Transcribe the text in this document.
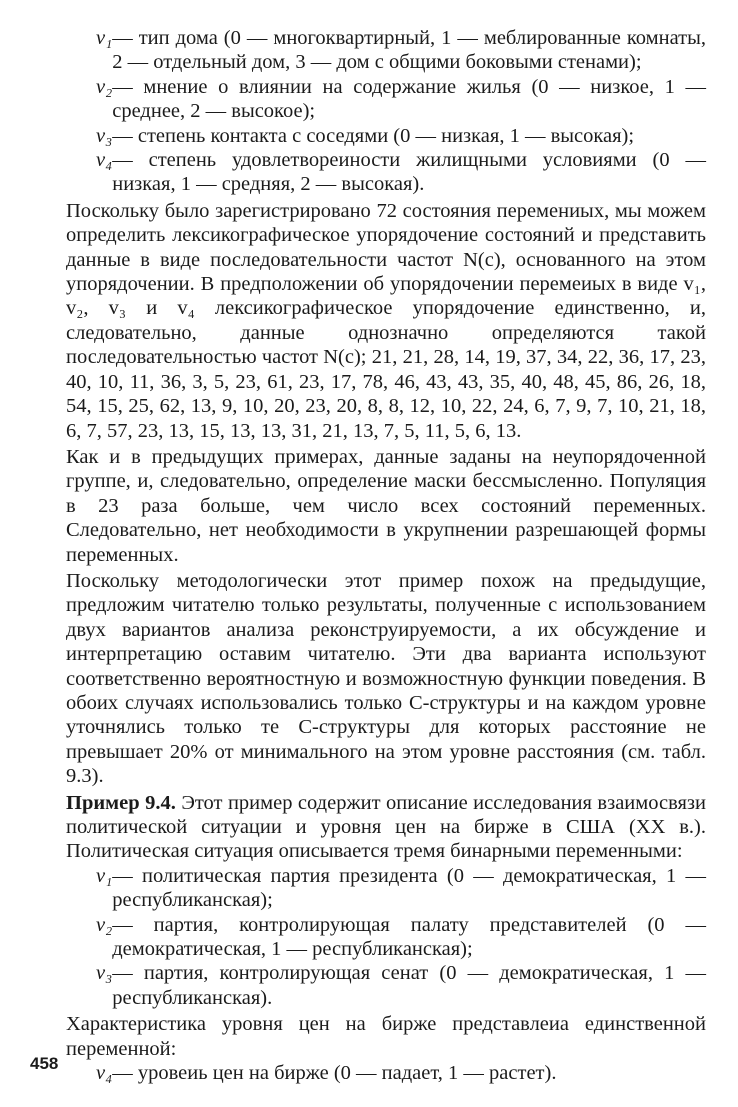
v₁ — тип дома (0 — многоквартирный, 1 — меблированные комнаты, 2 — отдельный дом, 3 — дом с общими боковыми стенами);
v₂ — мнение о влиянии на содержание жилья (0 — низкое, 1 — среднее, 2 — высокое);
v₃ — степень контакта с соседями (0 — низкая, 1 — высокая);
v₄ — степень удовлетвореиности жилищными условиями (0 — низкая, 1 — средняя, 2 — высокая).

Поскольку было зарегистрировано 72 состояния перемениых, мы можем определить лексикографическое упорядочение состояний и представить данные в виде последовательности частот N(c), основанного на этом упорядочении. В предположении об упорядочении перемеиых в виде v₁, v₂, v₃ и v₄ лексикографическое упорядочение единственно, и, следовательно, данные однозначно определяются такой последовательностью частот N(c); 21, 21, 28, 14, 19, 37, 34, 22, 36, 17, 23, 40, 10, 11, 36, 3, 5, 23, 61, 23, 17, 78, 46, 43, 43, 35, 40, 48, 45, 86, 26, 18, 54, 15, 25, 62, 13, 9, 10, 20, 23, 20, 8, 8, 12, 10, 22, 24, 6, 7, 9, 7, 10, 21, 18, 6, 7, 57, 23, 13, 15, 13, 13, 31, 21, 13, 7, 5, 11, 5, 6, 13.

Как и в предыдущих примерах, данные заданы на неупорядоченной группе, и, следовательно, определение маски бессмысленно. Популяция в 23 раза больше, чем число всех состояний переменных. Следовательно, нет необходимости в укрупнении разрешающей формы переменных.

Поскольку методологически этот пример похож на предыдущие, предложим читателю только результаты, полученные с использованием двух вариантов анализа реконструируемости, а их обсуждение и интерпретацию оставим читателю. Эти два варианта используют соответственно вероятностную и возможностную функции поведения. В обоих случаях использовались только C-структуры и на каждом уровне уточнялись только те C-структуры для которых расстояние не превышает 20% от минимального на этом уровне расстояния (см. табл. 9.3).

Пример 9.4. Этот пример содержит описание исследования взаимосвязи политической ситуации и уровня цен на бирже в США (XX в.). Политическая ситуация описывается тремя бинарными переменными:

v₁ — политическая партия президента (0 — демократическая, 1 — республиканская);
v₂ — партия, контролирующая палату представителей (0 — демократическая, 1 — республиканская);
v₃ — партия, контролирующая сенат (0 — демократическая, 1 — республиканская).

Характеристика уровня цен на бирже представлеиа единственной переменной:

v₄ — уровеиь цен на бирже (0 — падает, 1 — растет).
458
